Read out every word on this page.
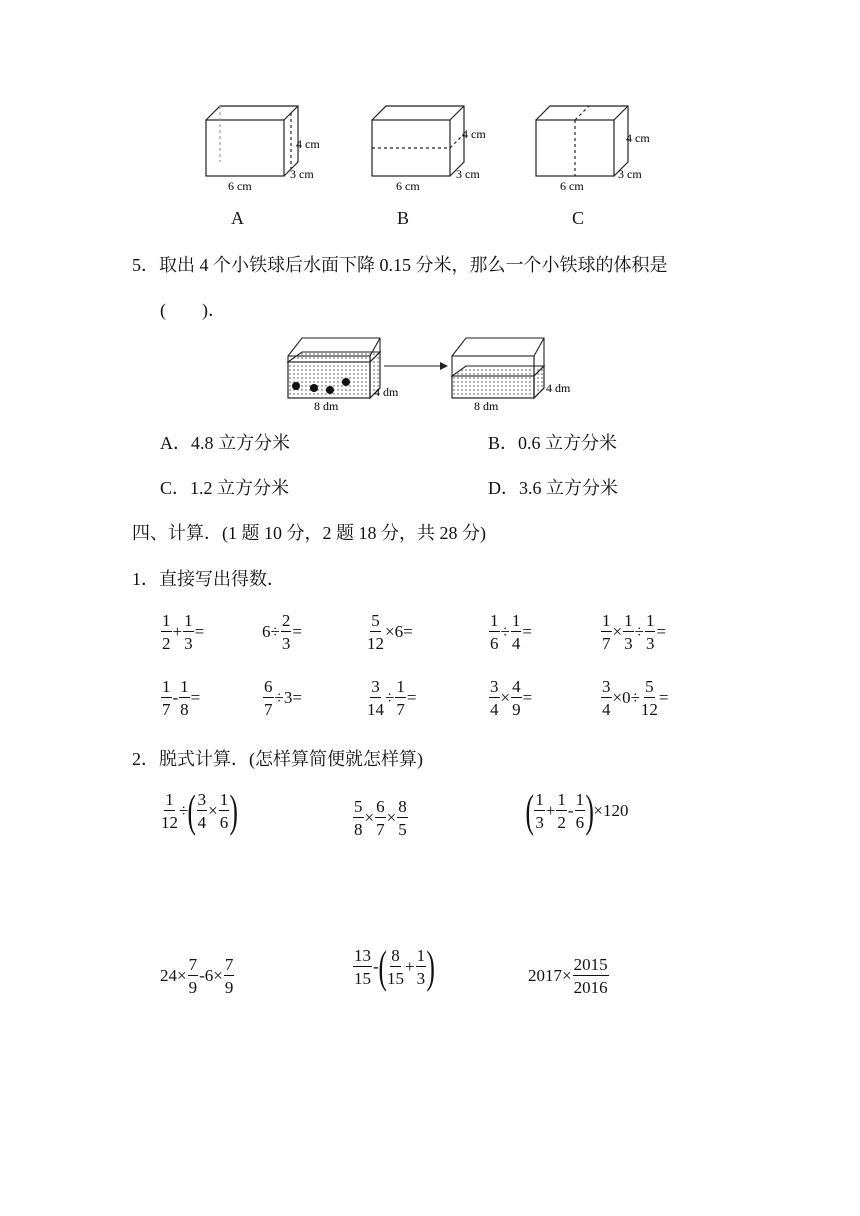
4 cm
3 cm
6 cm
4 cm
3 cm
6 cm
4 cm
3 cm
6 cm
A	B	C
5．取出 4 个小铁球后水面下降 0.15 分米，那么一个小铁球的体积是
(　　)．
8 dm
4 dm
8 dm
4 dm
A．4.8 立方分米	B．0.6 立方分米
C．1.2 立方分米	D．3.6 立方分米
四、计算．(1 题 10 分，2 题 18 分，共 28 分)
1．直接写出得数．
$\frac{1}{2} + \frac{1}{3}$ =	$6\div \frac{2}{3}$ =	$\frac{5}{12} \times 6=$	$\frac{1}{6} \div \frac{1}{4}$ =	$\frac{1}{7} \times \frac{1}{3} \div \frac{1}{3}$ =
$\frac{1}{7} - \frac{1}{8}$ =	$\frac{6}{7} \div 3=$	$\frac{3}{14} \div \frac{1}{7}$ =	$\frac{3}{4} \times \frac{4}{9}$ =	$\frac{3}{4} \times 0\div \frac{5}{12}$ =
2．脱式计算．(怎样算简便就怎样算)
$\frac{1}{12}$ ÷ ( $\frac{3}{4} \times \frac{1}{6}$ )	$\frac{5}{8} \times \frac{6}{7} \times \frac{8}{5}$	( $\frac{1}{3} + \frac{1}{2} - \frac{1}{6}$ ) ×120
$24\times \frac{7}{9} -6\times \frac{7}{9}$	$\frac{13}{15}$ - ( $\frac{8}{15} + \frac{1}{3}$ )	$2017\times \frac{2015}{2016}$
